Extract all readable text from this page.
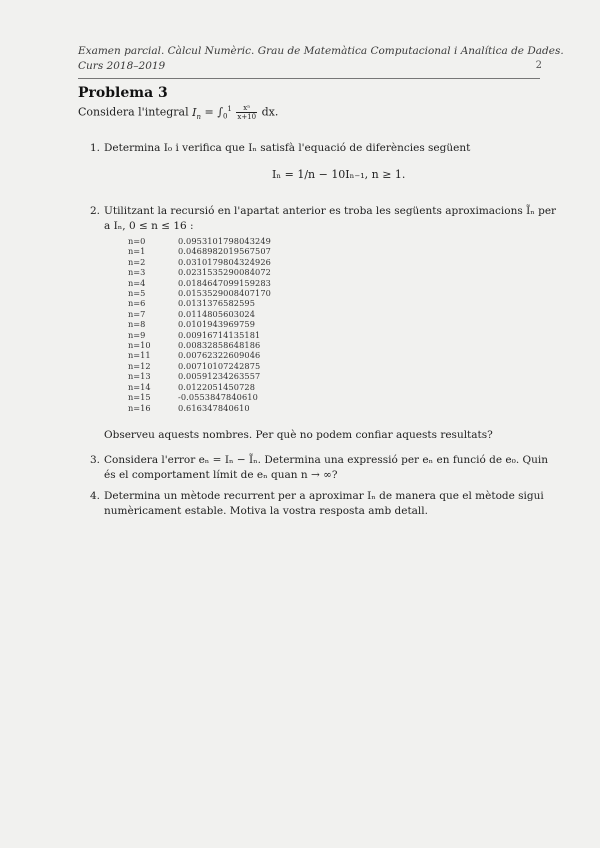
Examen parcial. Càlcul Numèric. Grau de Matemàtica Computacional i Analítica de Dades.
Curs 2018–2019	2
Problema 3
Considera l'integral $I_n = \int_0^1 \frac{\text{xⁿ}}{x+10}$ dx.
1. Determina I₀ i verifica que Iₙ satisfà l'equació de diferències següent
Iₙ = 1/n − 10Iₙ₋₁, n ≥ 1.
2. Utilitzant la recursió en l'apartat anterior es troba les següents aproximacions Ĩₙ per a Iₙ, 0 ≤ n ≤ 16 :
n=0	0.0953101798043249
n=1	0.0468982019567507
n=2	0.0310179804324926
n=3	0.0231535290084072
n=4	0.0184647099159283
n=5	0.0153529008407170
n=6	0.0131376582595
n=7	0.0114805603024
n=8	0.0101943969759
n=9	0.00916714135181
n=10	0.00832858648186
n=11	0.00762322609046
n=12	0.00710107242875
n=13	0.00591234263557
n=14	0.0122051450728
n=15	-0.0553847840610
n=16	0.616347840610
Observeu aquests nombres. Per què no podem confiar aquests resultats?
3. Considera l'error eₙ = Iₙ − Ĩₙ. Determina una expressió per eₙ en funció de e₀. Quin és el comportament límit de eₙ quan n → ∞?
4. Determina un mètode recurrent per a aproximar Iₙ de manera que el mètode sigui numèricament estable. Motiva la vostra resposta amb detall.
